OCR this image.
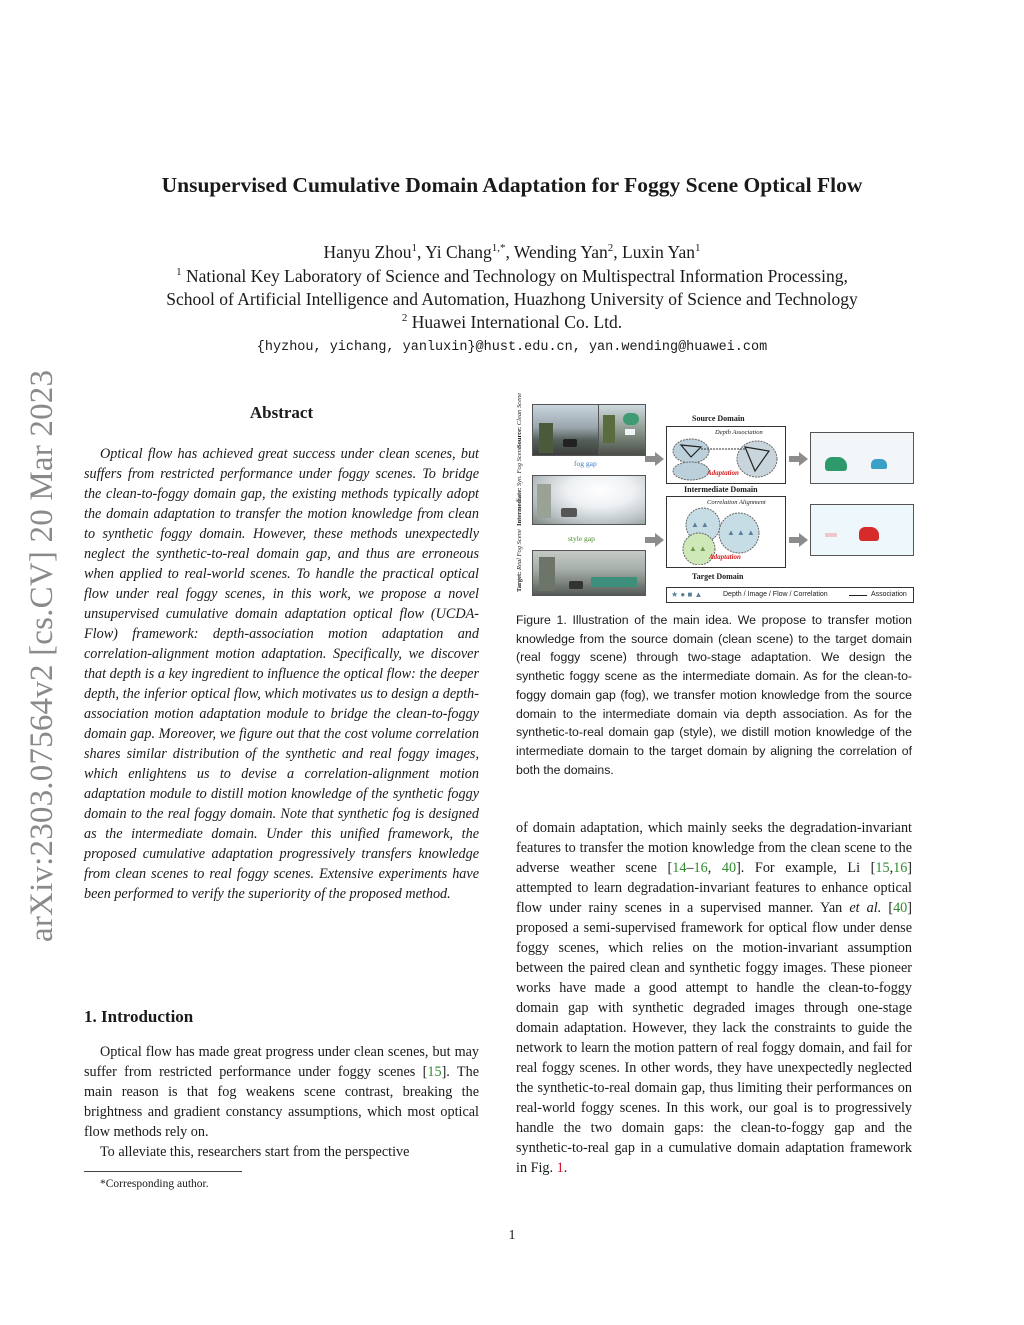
arXiv:2303.07564v2 [cs.CV] 20 Mar 2023
Unsupervised Cumulative Domain Adaptation for Foggy Scene Optical Flow
Hanyu Zhou$^1$, Yi Chang$^{1,*}$, Wending Yan$^2$, Luxin Yan$^1$
$^1$ National Key Laboratory of Science and Technology on Multispectral Information Processing,
School of Artificial Intelligence and Automation, Huazhong University of Science and Technology
$^2$ Huawei International Co. Ltd.
{hyzhou, yichang, yanluxin}@hust.edu.cn, yan.wending@huawei.com
Abstract
Optical flow has achieved great success under clean scenes, but suffers from restricted performance under foggy scenes. To bridge the clean-to-foggy domain gap, the existing methods typically adopt the domain adaptation to transfer the motion knowledge from clean to synthetic foggy domain. However, these methods unexpectedly neglect the synthetic-to-real domain gap, and thus are erroneous when applied to real-world scenes. To handle the practical optical flow under real foggy scenes, in this work, we propose a novel unsupervised cumulative domain adaptation optical flow (UCDA-Flow) framework: depth-association motion adaptation and correlation-alignment motion adaptation. Specifically, we discover that depth is a key ingredient to influence the optical flow: the deeper depth, the inferior optical flow, which motivates us to design a depth-association motion adaptation module to bridge the clean-to-foggy domain gap. Moreover, we figure out that the cost volume correlation shares similar distribution of the synthetic and real foggy images, which enlightens us to devise a correlation-alignment motion adaptation module to distill motion knowledge of the synthetic foggy domain to the real foggy domain. Note that synthetic fog is designed as the intermediate domain. Under this unified framework, the proposed cumulative adaptation progressively transfers knowledge from clean scenes to real foggy scenes. Extensive experiments have been performed to verify the superiority of the proposed method.
1. Introduction

Optical flow has made great progress under clean scenes, but may suffer from restricted performance under foggy scenes [15]. The main reason is that fog weakens scene contrast, breaking the brightness and gradient constancy assumptions, which most optical flow methods rely on.

To alleviate this, researchers start from the perspective

*Corresponding author.
Source: Clean Scene
Intermediate: Syn. Fog Scene
Target: Real Fog Scene
fog gap
style gap
Source Domain
Depth Association
Adaptation
Intermediate Domain
Correlation Alignment
▲ ▲
▲ ▲ ▲
▲ ▲
Adaptation
Target Domain
★ ● ■ ▲	Depth / Image / Flow / Correlation	Association
Figure 1. Illustration of the main idea. We propose to transfer motion knowledge from the source domain (clean scene) to the target domain (real foggy scene) through two-stage adaptation. We design the synthetic foggy scene as the intermediate domain. As for the clean-to-foggy domain gap (fog), we transfer motion knowledge from the source domain to the intermediate domain via depth association. As for the synthetic-to-real domain gap (style), we distill motion knowledge of the intermediate domain to the target domain by aligning the correlation of both the domains.
of domain adaptation, which mainly seeks the degradation-invariant features to transfer the motion knowledge from the clean scene to the adverse weather scene [14–16, 40]. For example, Li [15,16] attempted to learn degradation-invariant features to enhance optical flow under rainy scenes in a supervised manner. Yan et al. [40] proposed a semi-supervised framework for optical flow under dense foggy scenes, which relies on the motion-invariant assumption between the paired clean and synthetic foggy images. These pioneer works have made a good attempt to handle the clean-to-foggy domain gap with synthetic degraded images through one-stage domain adaptation. However, they lack the constraints to guide the network to learn the motion pattern of real foggy domain, and fail for real foggy scenes. In other words, they have unexpectedly neglected the synthetic-to-real domain gap, thus limiting their performances on real-world foggy scenes. In this work, our goal is to progressively handle the two domain gaps: the clean-to-foggy gap and the synthetic-to-real gap in a cumulative domain adaptation framework in Fig. 1.
1
